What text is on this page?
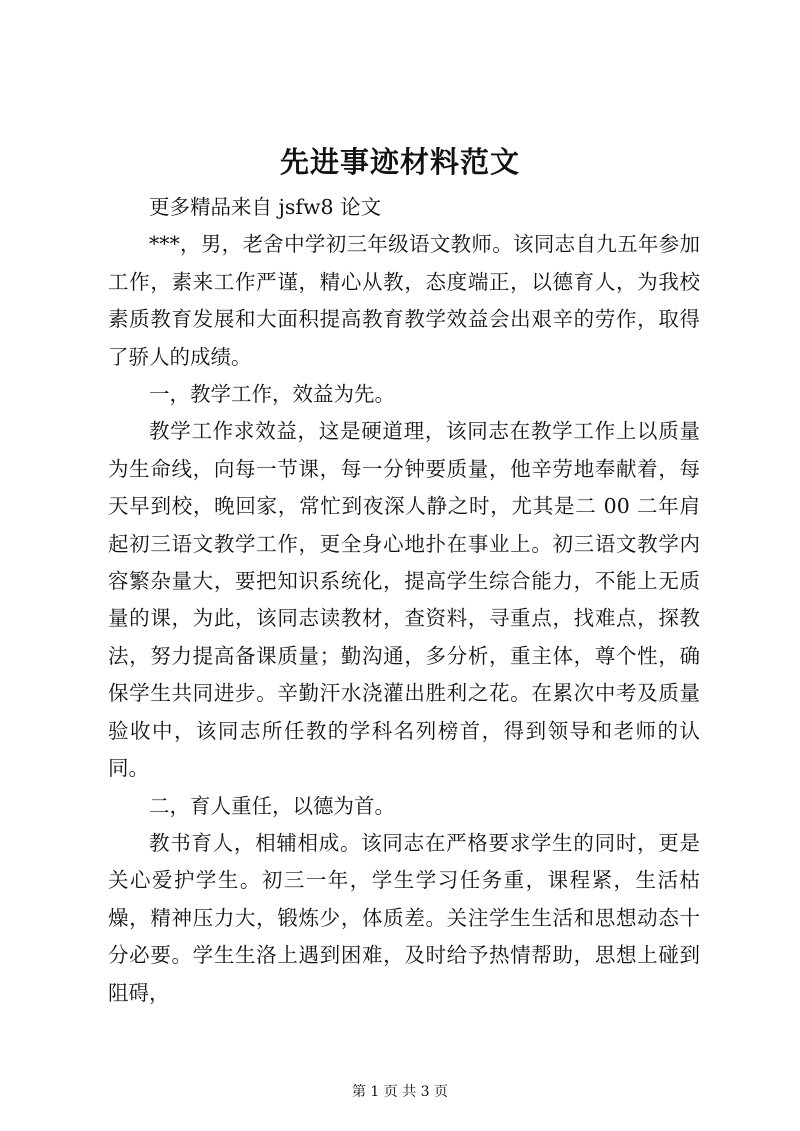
先进事迹材料范文

更多精品来自 jsfw8 论文

***，男，老舍中学初三年级语文教师。该同志自九五年参加工作，素来工作严谨，精心从教，态度端正，以德育人，为我校素质教育发展和大面积提高教育教学效益会出艰辛的劳作，取得了骄人的成绩。

一，教学工作，效益为先。

教学工作求效益，这是硬道理，该同志在教学工作上以质量为生命线，向每一节课，每一分钟要质量，他辛劳地奉献着，每天早到校，晚回家，常忙到夜深人静之时，尤其是二 00 二年肩起初三语文教学工作，更全身心地扑在事业上。初三语文教学内容繁杂量大，要把知识系统化，提高学生综合能力，不能上无质量的课，为此，该同志读教材，查资料，寻重点，找难点，探教法，努力提高备课质量；勤沟通，多分析，重主体，尊个性，确保学生共同进步。辛勤汗水浇灌出胜利之花。在累次中考及质量验收中，该同志所任教的学科名列榜首，得到领导和老师的认同。

二，育人重任，以德为首。

教书育人，相辅相成。该同志在严格要求学生的同时，更是关心爱护学生。初三一年，学生学习任务重，课程紧，生活枯燥，精神压力大，锻炼少，体质差。关注学生生活和思想动态十分必要。学生生洛上遇到困难，及时给予热情帮助，思想上碰到阻碍，

第 1 页 共 3 页
